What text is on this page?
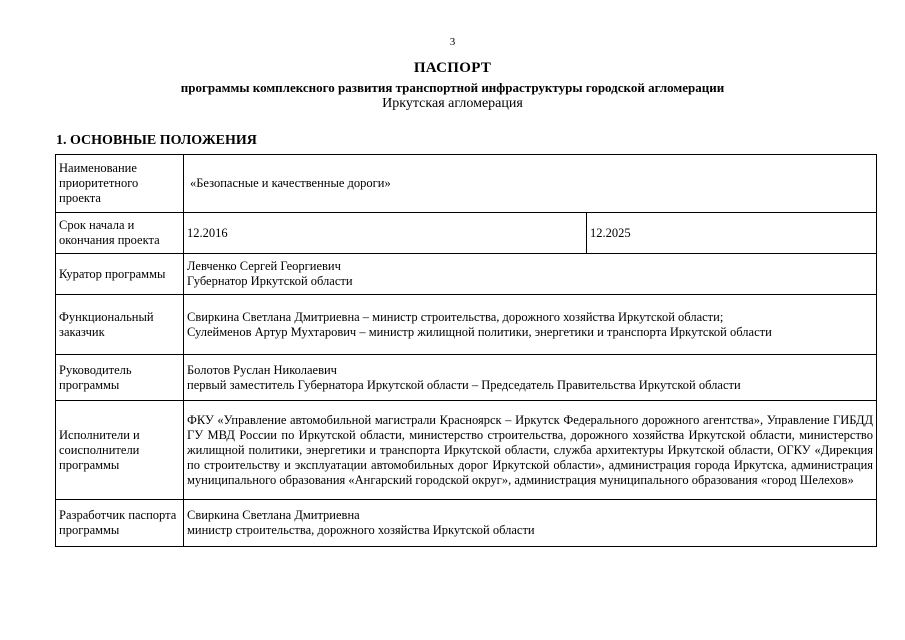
3
ПАСПОРТ
программы комплексного развития транспортной инфраструктуры городской агломерации
Иркутская агломерация
1. ОСНОВНЫЕ ПОЛОЖЕНИЯ
Наименование приоритетного проекта	«Безопасные и качественные дороги»	
Срок начала и окончания проекта	12.2016	12.2025
Куратор программы	Левченко Сергей Георгиевич
Губернатор Иркутской области	

Функциональный заказчик	Свиркина Светлана Дмитриевна – министр строительства, дорожного хозяйства Иркутской области;
Сулейменов Артур Мухтарович – министр жилищной политики, энергетики и транспорта Иркутской области	

Руководитель программы	Болотов Руслан Николаевич
первый заместитель Губернатора Иркутской области – Председатель Правительства Иркутской области	

Исполнители и соисполнители программы	ФКУ «Управление автомобильной магистрали Красноярск – Иркутск Федерального дорожного агентства», Управление ГИБДД ГУ МВД России по Иркутской области, министерство строительства, дорожного хозяйства Иркутской области, министерство жилищной политики, энергетики и транспорта Иркутской области, служба архитектуры Иркутской области, ОГКУ «Дирекция по строительству и эксплуатации автомобильных дорог Иркутской области», администрация города Иркутска, администрация муниципального образования «Ангарский городской округ», администрация муниципального образования «город Шелехов»	
Разработчик паспорта программы	Свиркина Светлана Дмитриевна
министр строительства, дорожного хозяйства Иркутской области	
